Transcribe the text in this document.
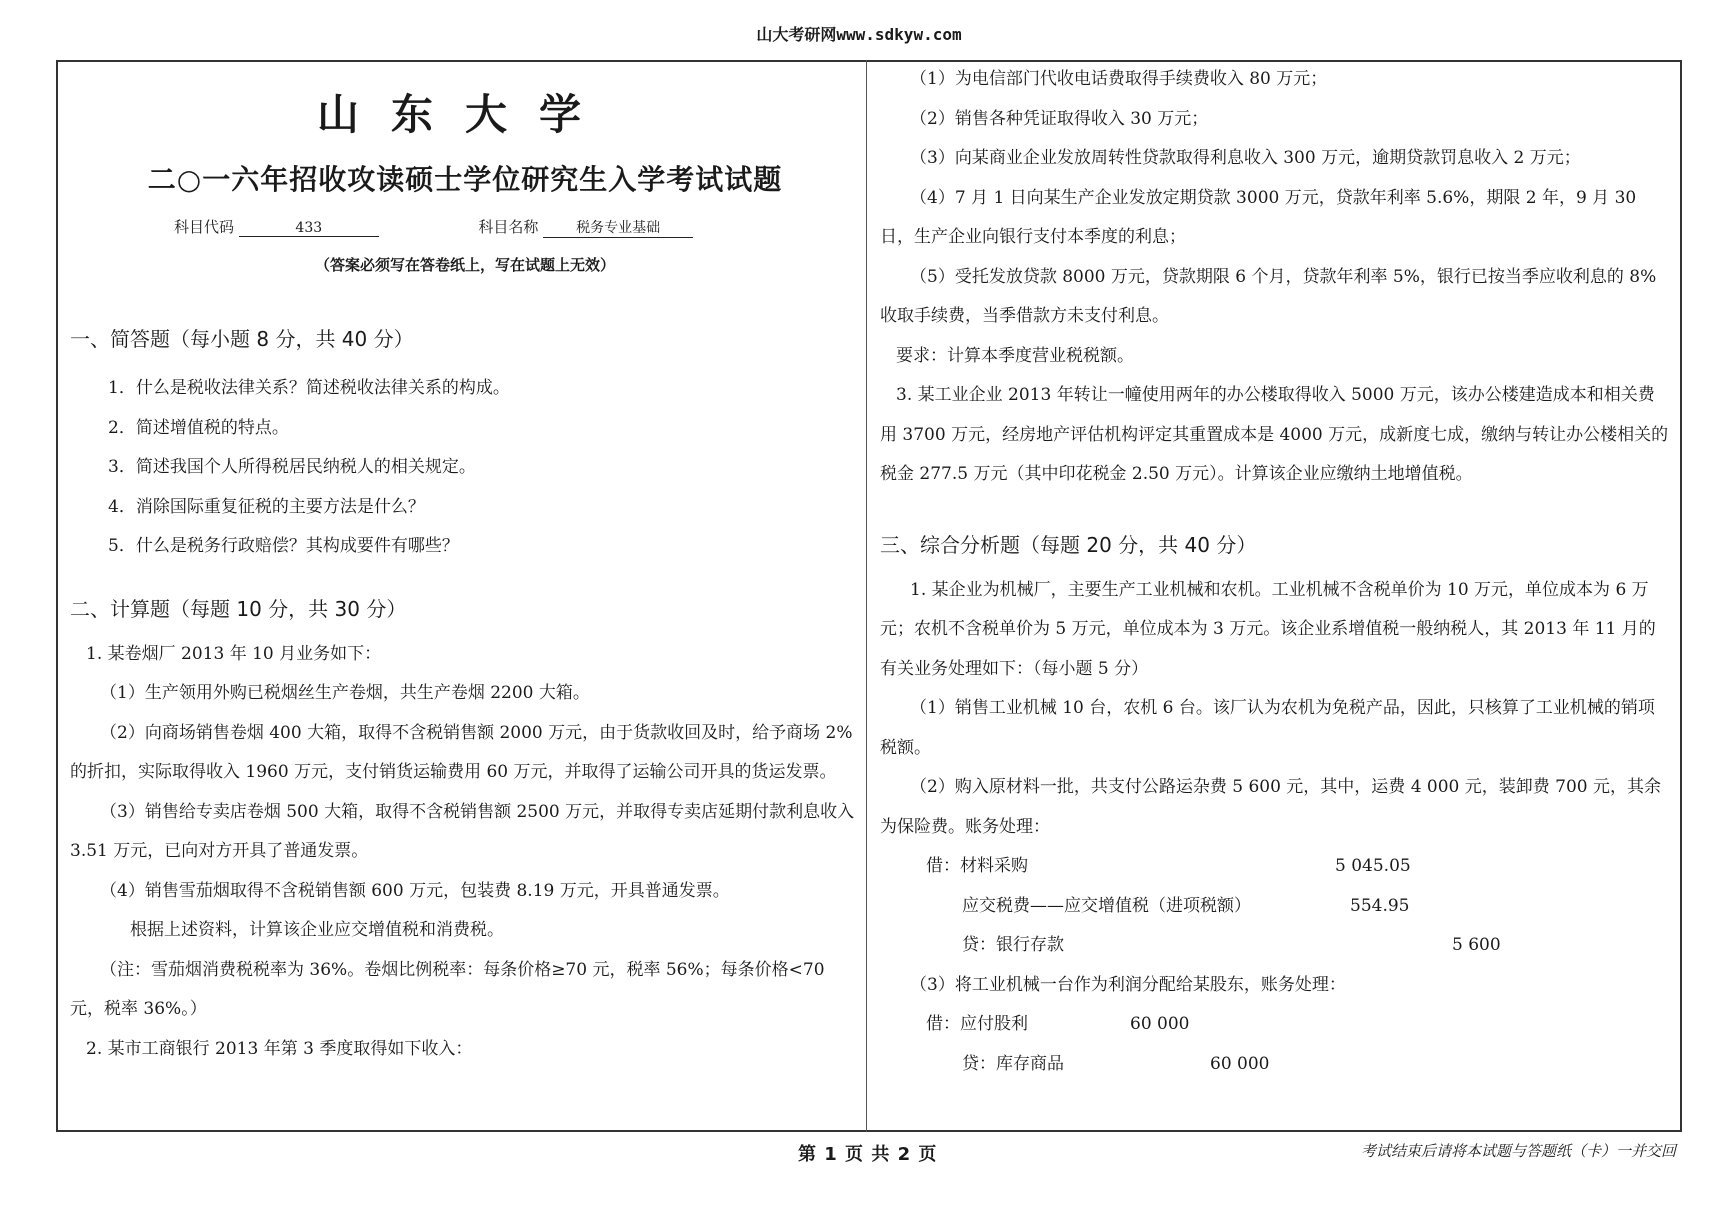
山大考研网www.sdkyw.com
山东大学
二○一六年招收攻读硕士学位研究生入学考试试题
科目代码	433	科目名称	税务专业基础
（答案必须写在答卷纸上，写在试题上无效）

一、简答题（每小题 8 分，共 40 分）

1．什么是税收法律关系？简述税收法律关系的构成。

2．简述增值税的特点。

3．简述我国个人所得税居民纳税人的相关规定。

4．消除国际重复征税的主要方法是什么？

5．什么是税务行政赔偿？其构成要件有哪些？

二、计算题（每题 10 分，共 30 分）

1. 某卷烟厂 2013 年 10 月业务如下：

（1）生产领用外购已税烟丝生产卷烟，共生产卷烟 2200 大箱。

（2）向商场销售卷烟 400 大箱，取得不含税销售额 2000 万元，由于货款收回及时，给予商场 2%的折扣，实际取得收入 1960 万元，支付销货运输费用 60 万元，并取得了运输公司开具的货运发票。

（3）销售给专卖店卷烟 500 大箱，取得不含税销售额 2500 万元，并取得专卖店延期付款利息收入 3.51 万元，已向对方开具了普通发票。

（4）销售雪茄烟取得不含税销售额 600 万元，包装费 8.19 万元，开具普通发票。

根据上述资料，计算该企业应交增值税和消费税。

（注：雪茄烟消费税税率为 36%。卷烟比例税率：每条价格≥70 元，税率 56%；每条价格<70 元，税率 36%。）

2. 某市工商银行 2013 年第 3 季度取得如下收入：

（1）为电信部门代收电话费取得手续费收入 80 万元；

（2）销售各种凭证取得收入 30 万元；

（3）向某商业企业发放周转性贷款取得利息收入 300 万元，逾期贷款罚息收入 2 万元；

（4）7 月 1 日向某生产企业发放定期贷款 3000 万元，贷款年利率 5.6%，期限 2 年，9 月 30 日，生产企业向银行支付本季度的利息；

（5）受托发放贷款 8000 万元，贷款期限 6 个月，贷款年利率 5%，银行已按当季应收利息的 8%收取手续费，当季借款方未支付利息。

要求：计算本季度营业税税额。

3. 某工业企业 2013 年转让一幢使用两年的办公楼取得收入 5000 万元，该办公楼建造成本和相关费用 3700 万元，经房地产评估机构评定其重置成本是 4000 万元，成新度七成，缴纳与转让办公楼相关的税金 277.5 万元（其中印花税金 2.50 万元）。计算该企业应缴纳土地增值税。

三、综合分析题（每题 20 分，共 40 分）

1. 某企业为机械厂，主要生产工业机械和农机。工业机械不含税单价为 10 万元，单位成本为 6 万元；农机不含税单价为 5 万元，单位成本为 3 万元。该企业系增值税一般纳税人，其 2013 年 11 月的有关业务处理如下：（每小题 5 分）

（1）销售工业机械 10 台，农机 6 台。该厂认为农机为免税产品，因此，只核算了工业机械的销项税额。

（2）购入原材料一批，共支付公路运杂费 5 600 元，其中，运费 4 000 元，装卸费 700 元，其余为保险费。账务处理：

借：材料采购	5 045.05
应交税费——应交增值税（进项税额）	554.95
贷：银行存款	5 600

（3）将工业机械一台作为利润分配给某股东，账务处理：

借：应付股利	60 000
贷：库存商品	60 000
第 1 页 共 2 页	考试结束后请将本试题与答题纸（卡）一并交回
